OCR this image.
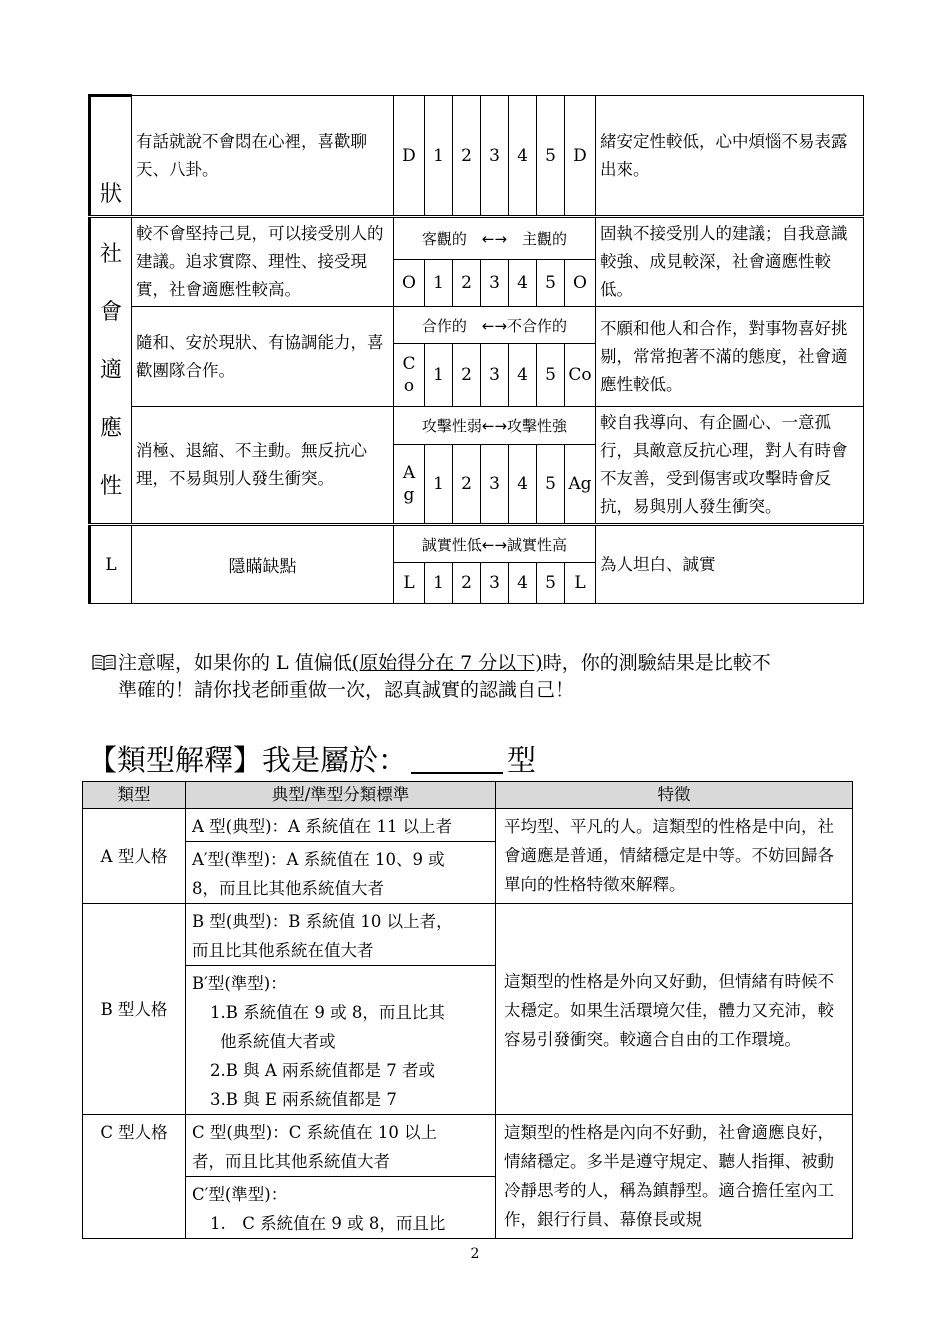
狀	有話就說不會悶在心裡，喜歡聊天、八卦。	D	1	2	3	4	5	D	緒安定性較低，心中煩惱不易表露出來。

社
會
適
應
性	較不會堅持己見，可以接受別人的建議。追求實際、理性、接受現實，社會適應性較高。	客觀的　←→　主觀的							固執不接受別人的建議；自我意識較強、成見較深，社會適應性較低。
		O	1	2	3	4	5	O	
	隨和、安於現狀、有協調能力，喜歡團隊合作。	合作的　←→不合作的							不願和他人和合作，對事物喜好挑剔，常常抱著不滿的態度，社會適應性較低。
		Co	1	2	3	4	5	Co	
	消極、退縮、不主動。無反抗心理，不易與別人發生衝突。	攻擊性弱←→攻擊性強							較自我導向、有企圖心、一意孤行，具敵意反抗心理，對人有時會不友善，受到傷害或攻擊時會反抗，易與別人發生衝突。
		Ag	1	2	3	4	5	Ag	
L	隱瞞缺點	誠實性低←→誠實性高							為人坦白、誠實
		L	1	2	3	4	5	L	
注意喔，如果你的 L 值偏低(原始得分在 7 分以下)時，你的測驗結果是比較不
準確的！請你找老師重做一次，認真誠實的認識自己！
【類型解釋】我是屬於：	型
類型	典型/準型分類標準	特徵
A 型人格	A 型(典型)：A 系統值在 11 以上者	平均型、平凡的人。這類型的性格是中向，社會適應是普通，情緒穩定是中等。不妨回歸各單向的性格特徵來解釋。

	A′型(準型)：A 系統值在 10、9 或
8，而且比其他系統值大者	

B 型人格	B 型(典型)：B 系統值 10 以上者，
而且比其他系統在值大者	這類型的性格是外向又好動，但情緒有時候不太穩定。如果生活環境欠佳，體力又充沛，較容易引發衝突。較適合自由的工作環境。

	B′型(準型)：
1.B 系統值在 9 或 8，而且比其
他系統值大者或
2.B 與 A 兩系統值都是 7 者或
3.B 與 E 兩系統值都是 7	

C 型人格	C 型(典型)：C 系統值在 10 以上
者，而且比其他系統值大者	這類型的性格是內向不好動，社會適應良好，情緒穩定。多半是遵守規定、聽人指揮、被動冷靜思考的人，稱為鎮靜型。適合擔任室內工作，銀行行員、幕僚長或規

	C′型(準型)：
1.　C 系統值在 9 或 8，而且比	
2
